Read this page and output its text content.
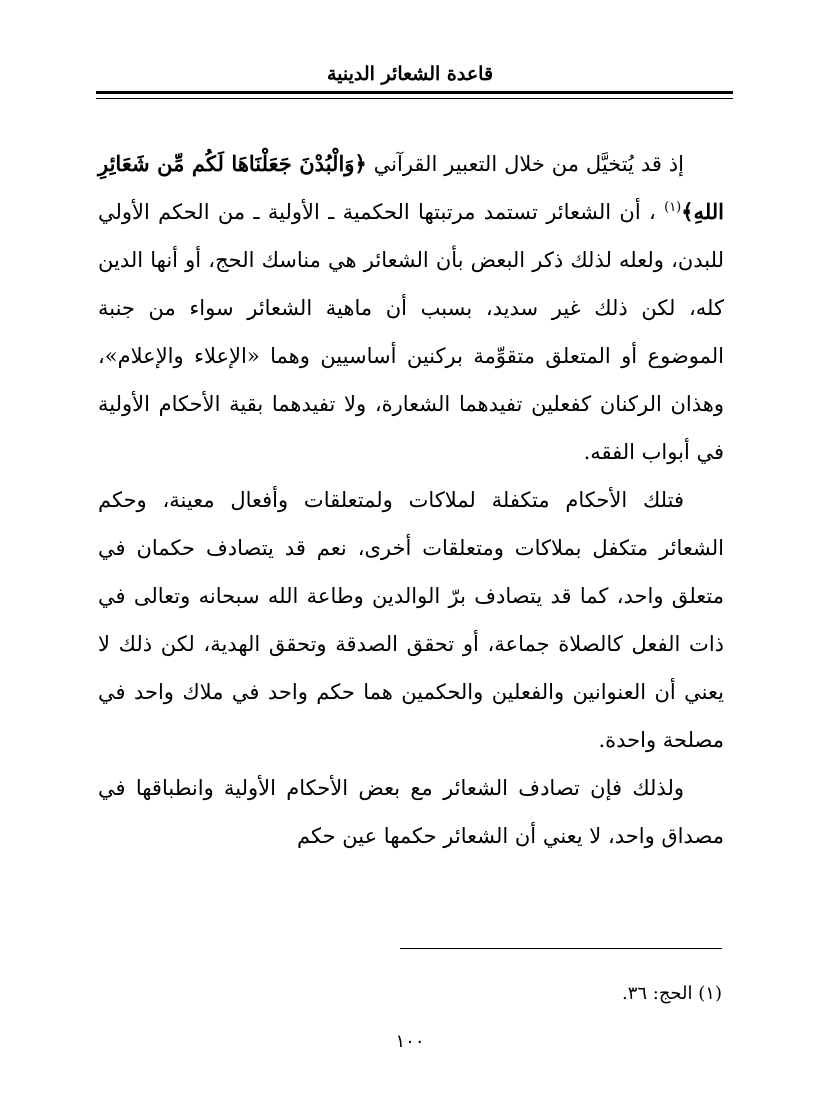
قاعدة الشعائر الدينية

إذ قد يُتخيَّل من خلال التعبير القرآني ﴿وَالْبُدْنَ جَعَلْنَاهَا لَكُم مِّن شَعَائِرِ اللهِ﴾$^{(١)}$ ، أن الشعائر تستمد مرتبتها الحكمية ـ الأولية ـ من الحكم الأولي للبدن، ولعله لذلك ذكر البعض بأن الشعائر هي مناسك الحج، أو أنها الدين كله، لكن ذلك غير سديد، بسبب أن ماهية الشعائر سواء من جنبة الموضوع أو المتعلق متقوِّمة بركنين أساسيين وهما «الإعلاء والإعلام»، وهذان الركنان كفعلين تفيدهما الشعارة، ولا تفيدهما بقية الأحكام الأولية في أبواب الفقه.

فتلك الأحكام متكفلة لملاكات ولمتعلقات وأفعال معينة، وحكم الشعائر متكفل بملاكات ومتعلقات أخرى، نعم قد يتصادف حكمان في متعلق واحد، كما قد يتصادف برّ الوالدين وطاعة الله سبحانه وتعالى في ذات الفعل كالصلاة جماعة، أو تحقق الصدقة وتحقق الهدية، لكن ذلك لا يعني أن العنوانين والفعلين والحكمين هما حكم واحد في ملاك واحد في مصلحة واحدة.

ولذلك فإن تصادف الشعائر مع بعض الأحكام الأولية وانطباقها في مصداق واحد، لا يعني أن الشعائر حكمها عين حكم

(١) الحج: ٣٦.
١٠٠
